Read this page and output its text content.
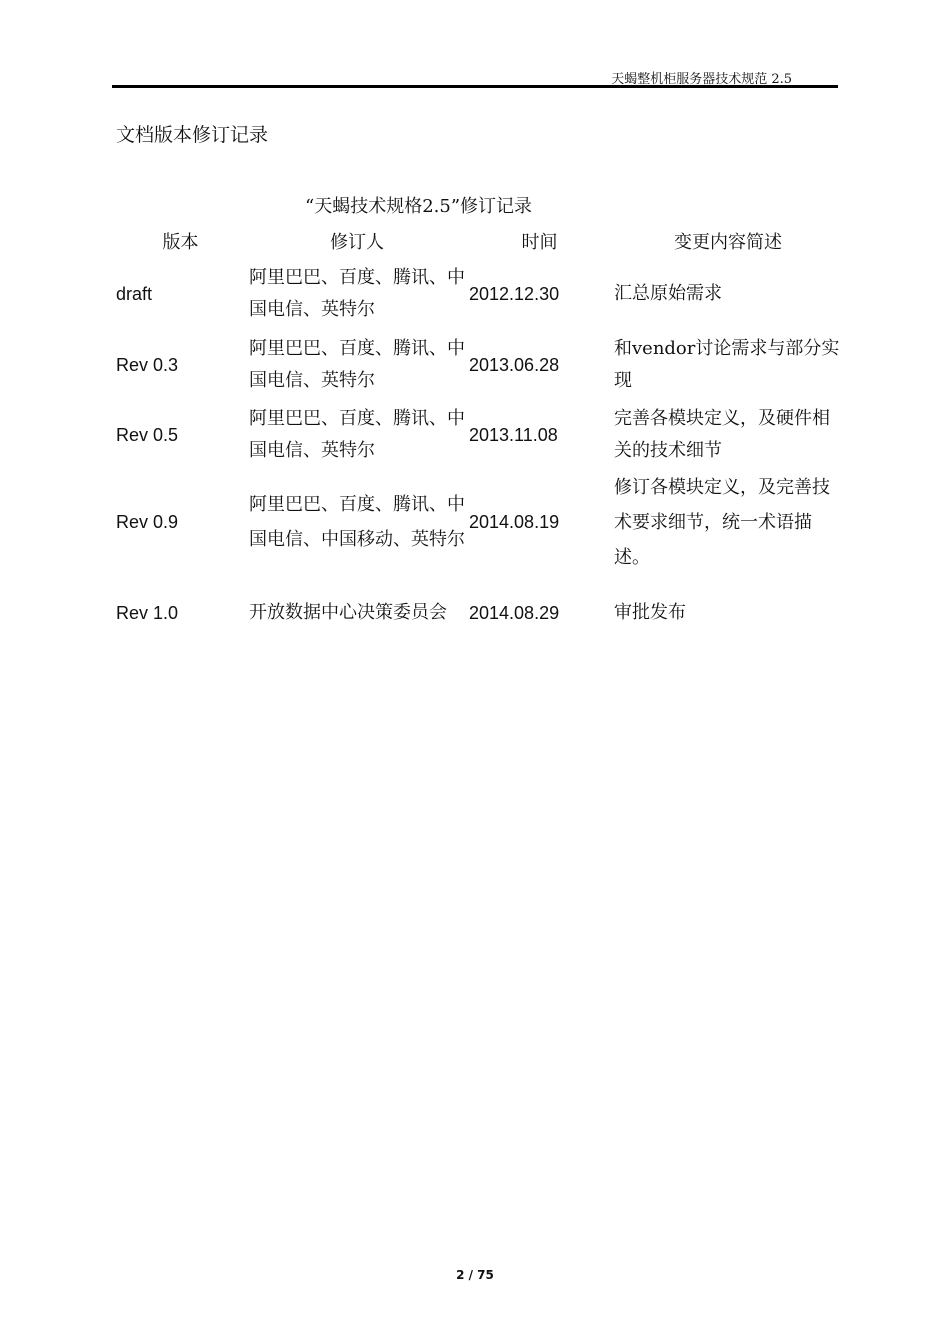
天蝎整机柜服务器技术规范 2.5
文档版本修订记录
“天蝎技术规格2.5”修订记录
版本	修订人	时间	变更内容简述
draft	阿里巴巴、百度、腾讯、中国电信、英特尔	2012.12.30	汇总原始需求
Rev 0.3	阿里巴巴、百度、腾讯、中国电信、英特尔	2013.06.28	和vendor讨论需求与部分实现
Rev 0.5	阿里巴巴、百度、腾讯、中国电信、英特尔	2013.11.08	完善各模块定义，及硬件相关的技术细节
Rev 0.9	阿里巴巴、百度、腾讯、中国电信、中国移动、英特尔	2014.08.19	修订各模块定义，及完善技术要求细节，统一术语描述。
Rev 1.0	开放数据中心决策委员会	2014.08.29	审批发布
2 / 75
